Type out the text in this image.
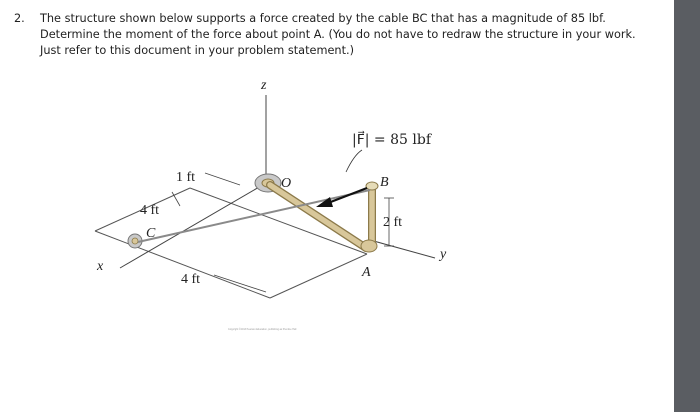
2. The structure shown below supports a force created by the cable BC that has a magnitude of 85 lbf. Determine the moment of the force about point A. (You do not have to redraw the structure in your work. Just refer to this document in your problem statement.)
z
x
y
O
A
B
C
|F⃗| = 85 lbf
1 ft
4 ft
4 ft
2 ft
Copyright ©2013 Pearson Education, publishing as Prentice Hall
